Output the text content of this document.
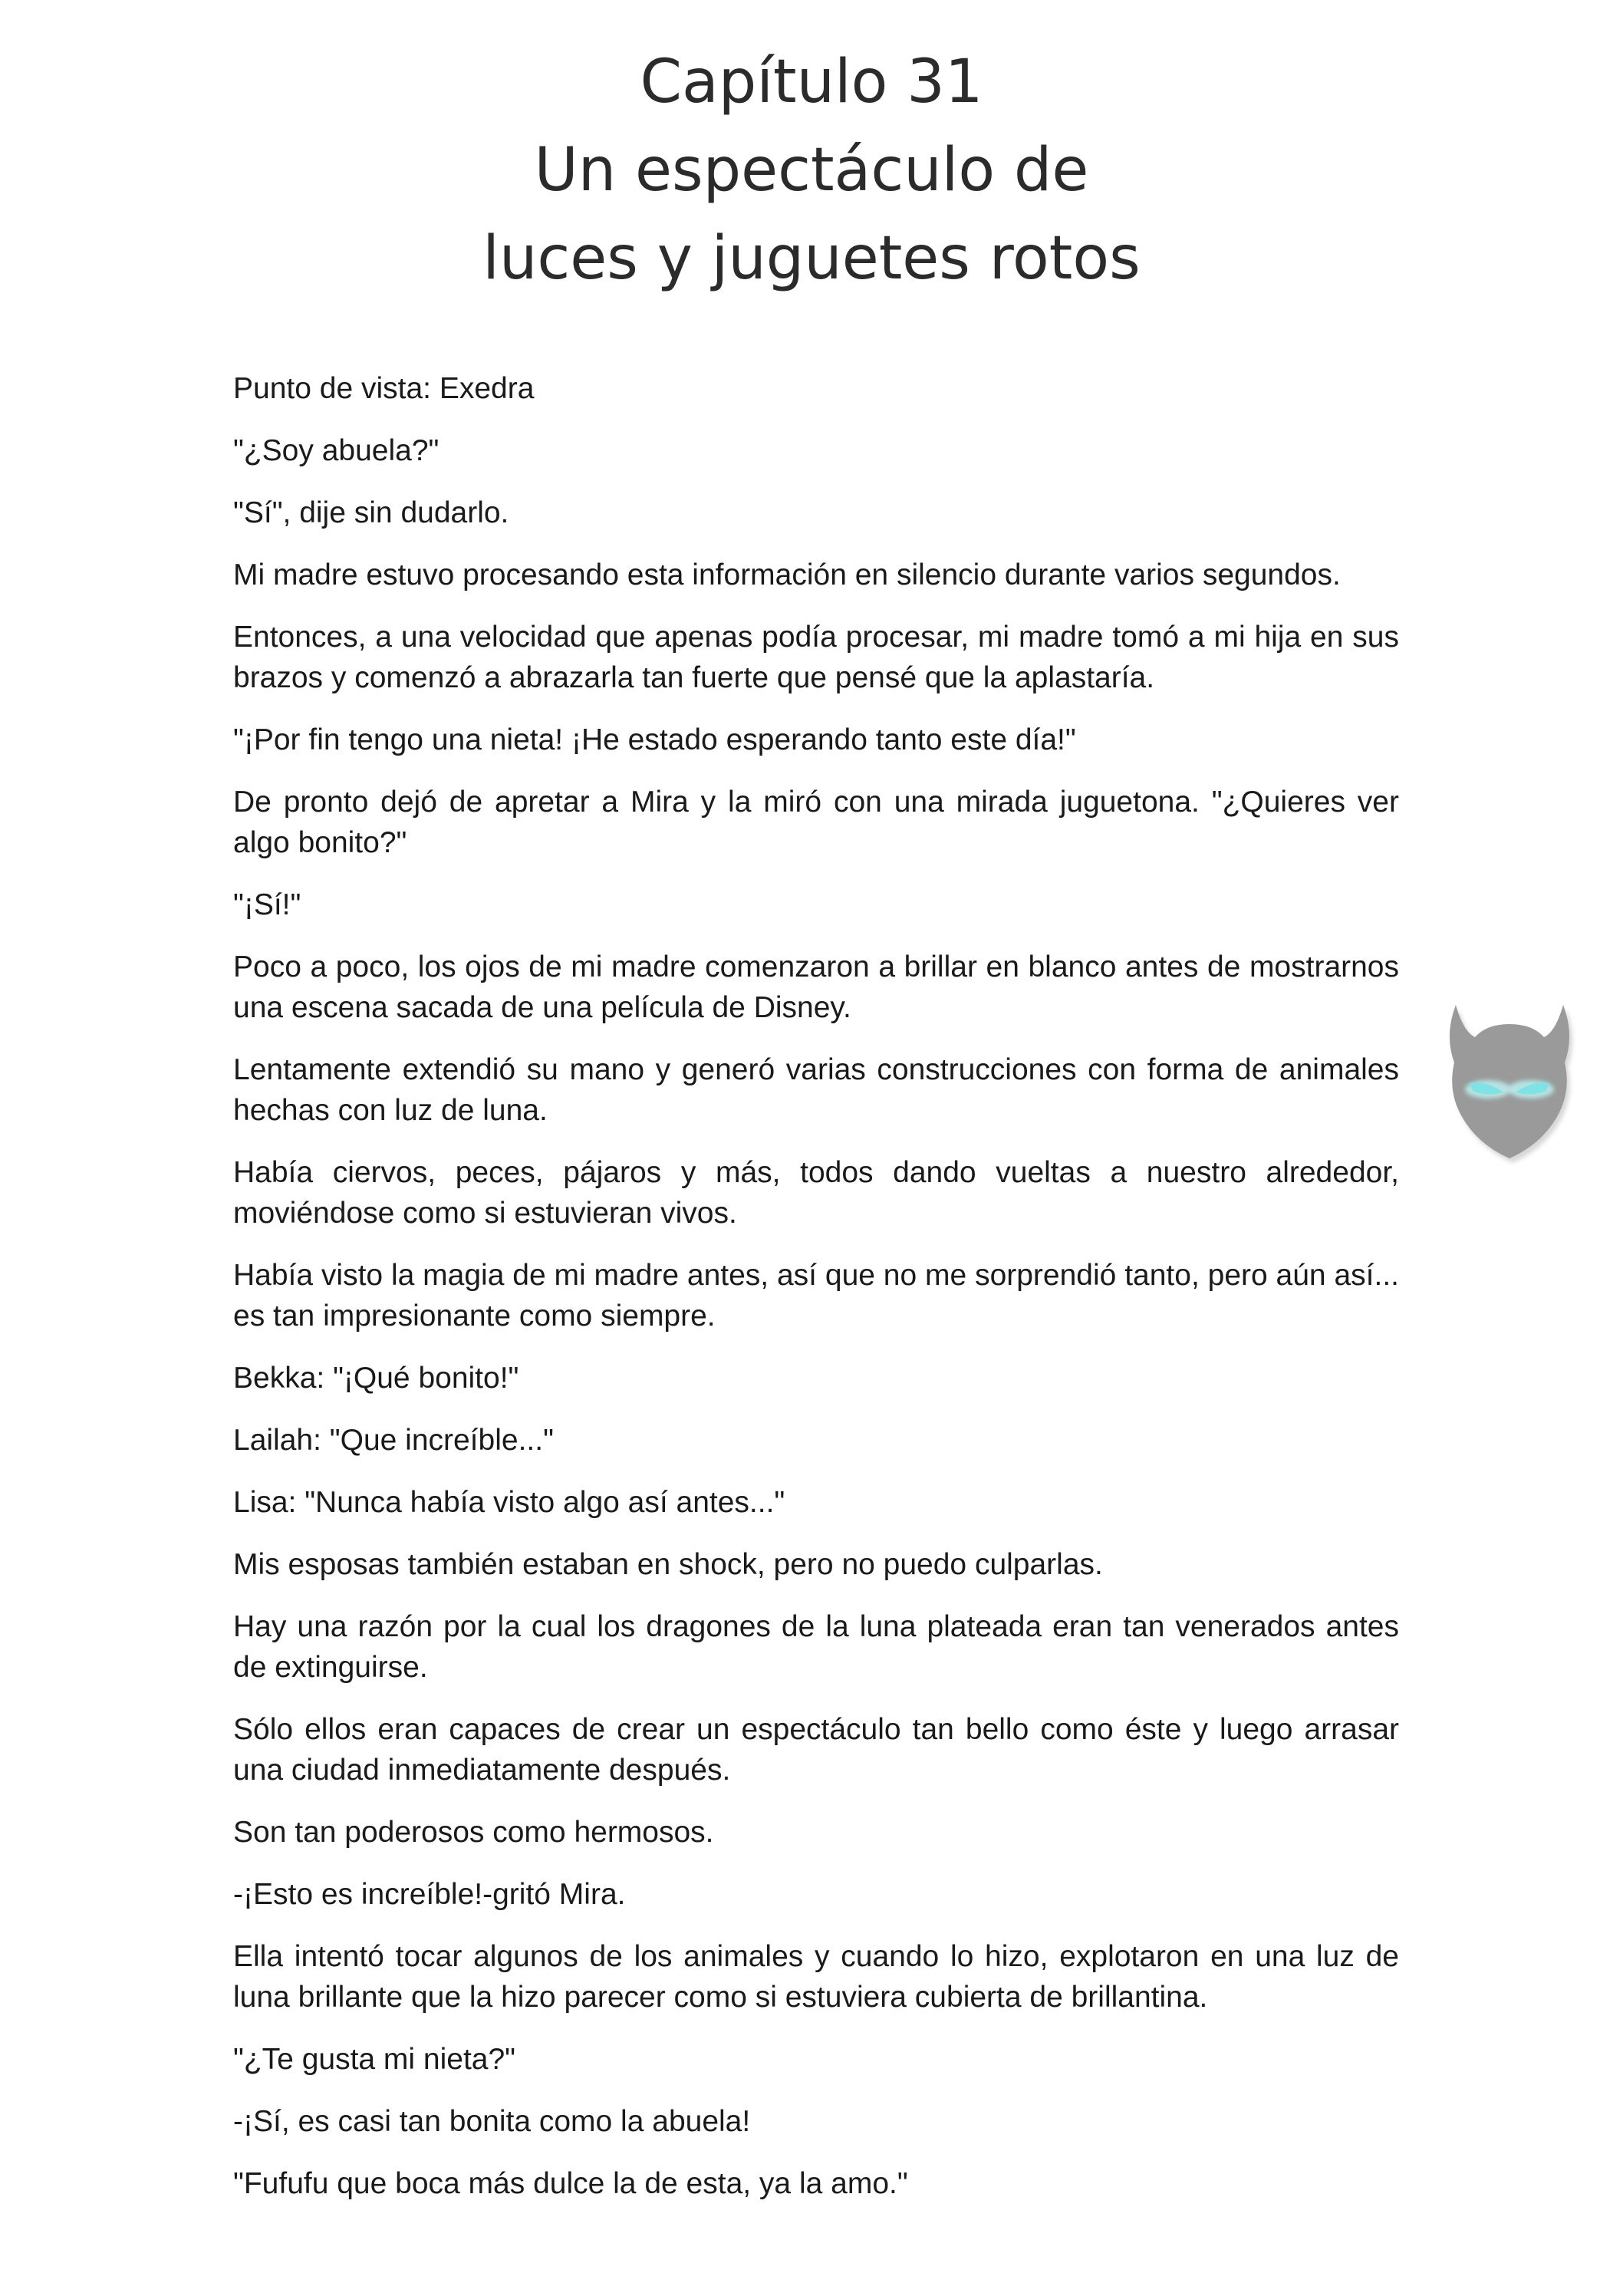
Capítulo 31
Un espectáculo de
luces y juguetes rotos

Punto de vista: Exedra

"¿Soy abuela?"

"Sí", dije sin dudarlo.

Mi madre estuvo procesando esta información en silencio durante varios segundos.

Entonces, a una velocidad que apenas podía procesar, mi madre tomó a mi hija en sus brazos y comenzó a abrazarla tan fuerte que pensé que la aplastaría.

"¡Por fin tengo una nieta! ¡He estado esperando tanto este día!"

De pronto dejó de apretar a Mira y la miró con una mirada juguetona. "¿Quieres ver algo bonito?"

"¡Sí!"

Poco a poco, los ojos de mi madre comenzaron a brillar en blanco antes de mostrarnos una escena sacada de una película de Disney.

Lentamente extendió su mano y generó varias construcciones con forma de animales hechas con luz de luna.

Había ciervos, peces, pájaros y más, todos dando vueltas a nuestro alrededor, moviéndose como si estuvieran vivos.

Había visto la magia de mi madre antes, así que no me sorprendió tanto, pero aún así... es tan impresionante como siempre.

Bekka: "¡Qué bonito!"

Lailah: "Que increíble..."

Lisa: "Nunca había visto algo así antes..."

Mis esposas también estaban en shock, pero no puedo culparlas.

Hay una razón por la cual los dragones de la luna plateada eran tan venerados antes de extinguirse.

Sólo ellos eran capaces de crear un espectáculo tan bello como éste y luego arrasar una ciudad inmediatamente después.

Son tan poderosos como hermosos.

-¡Esto es increíble!-gritó Mira.

Ella intentó tocar algunos de los animales y cuando lo hizo, explotaron en una luz de luna brillante que la hizo parecer como si estuviera cubierta de brillantina.

"¿Te gusta mi nieta?"

-¡Sí, es casi tan bonita como la abuela!

"Fufufu que boca más dulce la de esta, ya la amo."
